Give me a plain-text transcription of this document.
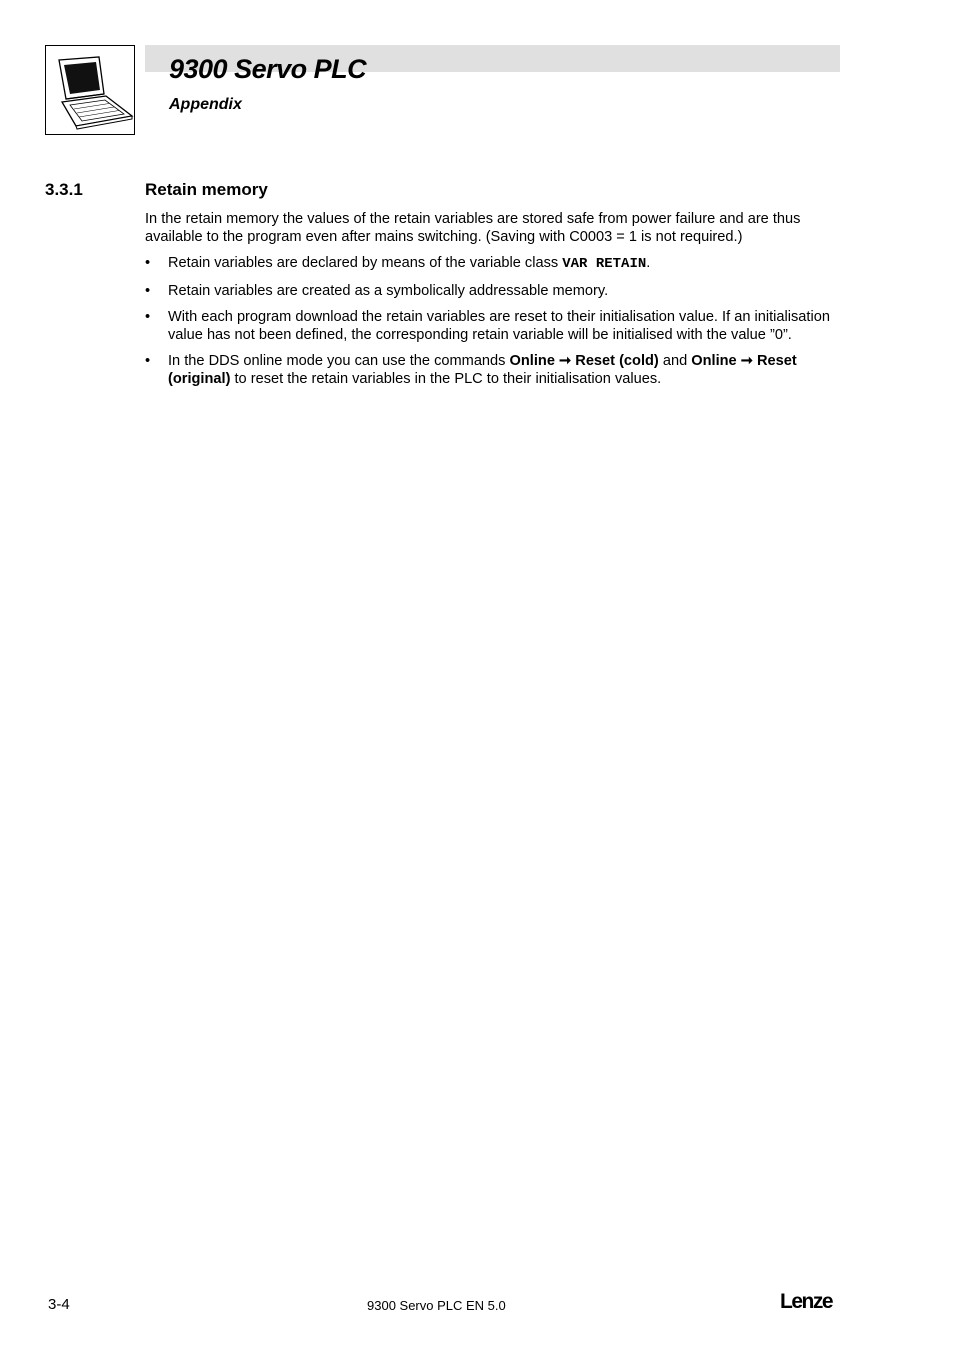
9300 Servo PLC
Appendix
3.3.1	Retain memory

In the retain memory the values of the retain variables are stored safe from power failure and are thus available to the program even after mains switching. (Saving with C0003 = 1 is not required.)

• Retain variables are declared by means of the variable class VAR RETAIN.
• Retain variables are created as a symbolically addressable memory.
• With each program download the retain variables are reset to their initialisation value. If an initialisation value has not been defined, the corresponding retain variable will be initialised with the value ”0”.
• In the DDS online mode you can use the commands Online ➞ Reset (cold) and Online ➞ Reset (original) to reset the retain variables in the PLC to their initialisation values.
3-4	9300 Servo PLC EN 5.0	Lenze
